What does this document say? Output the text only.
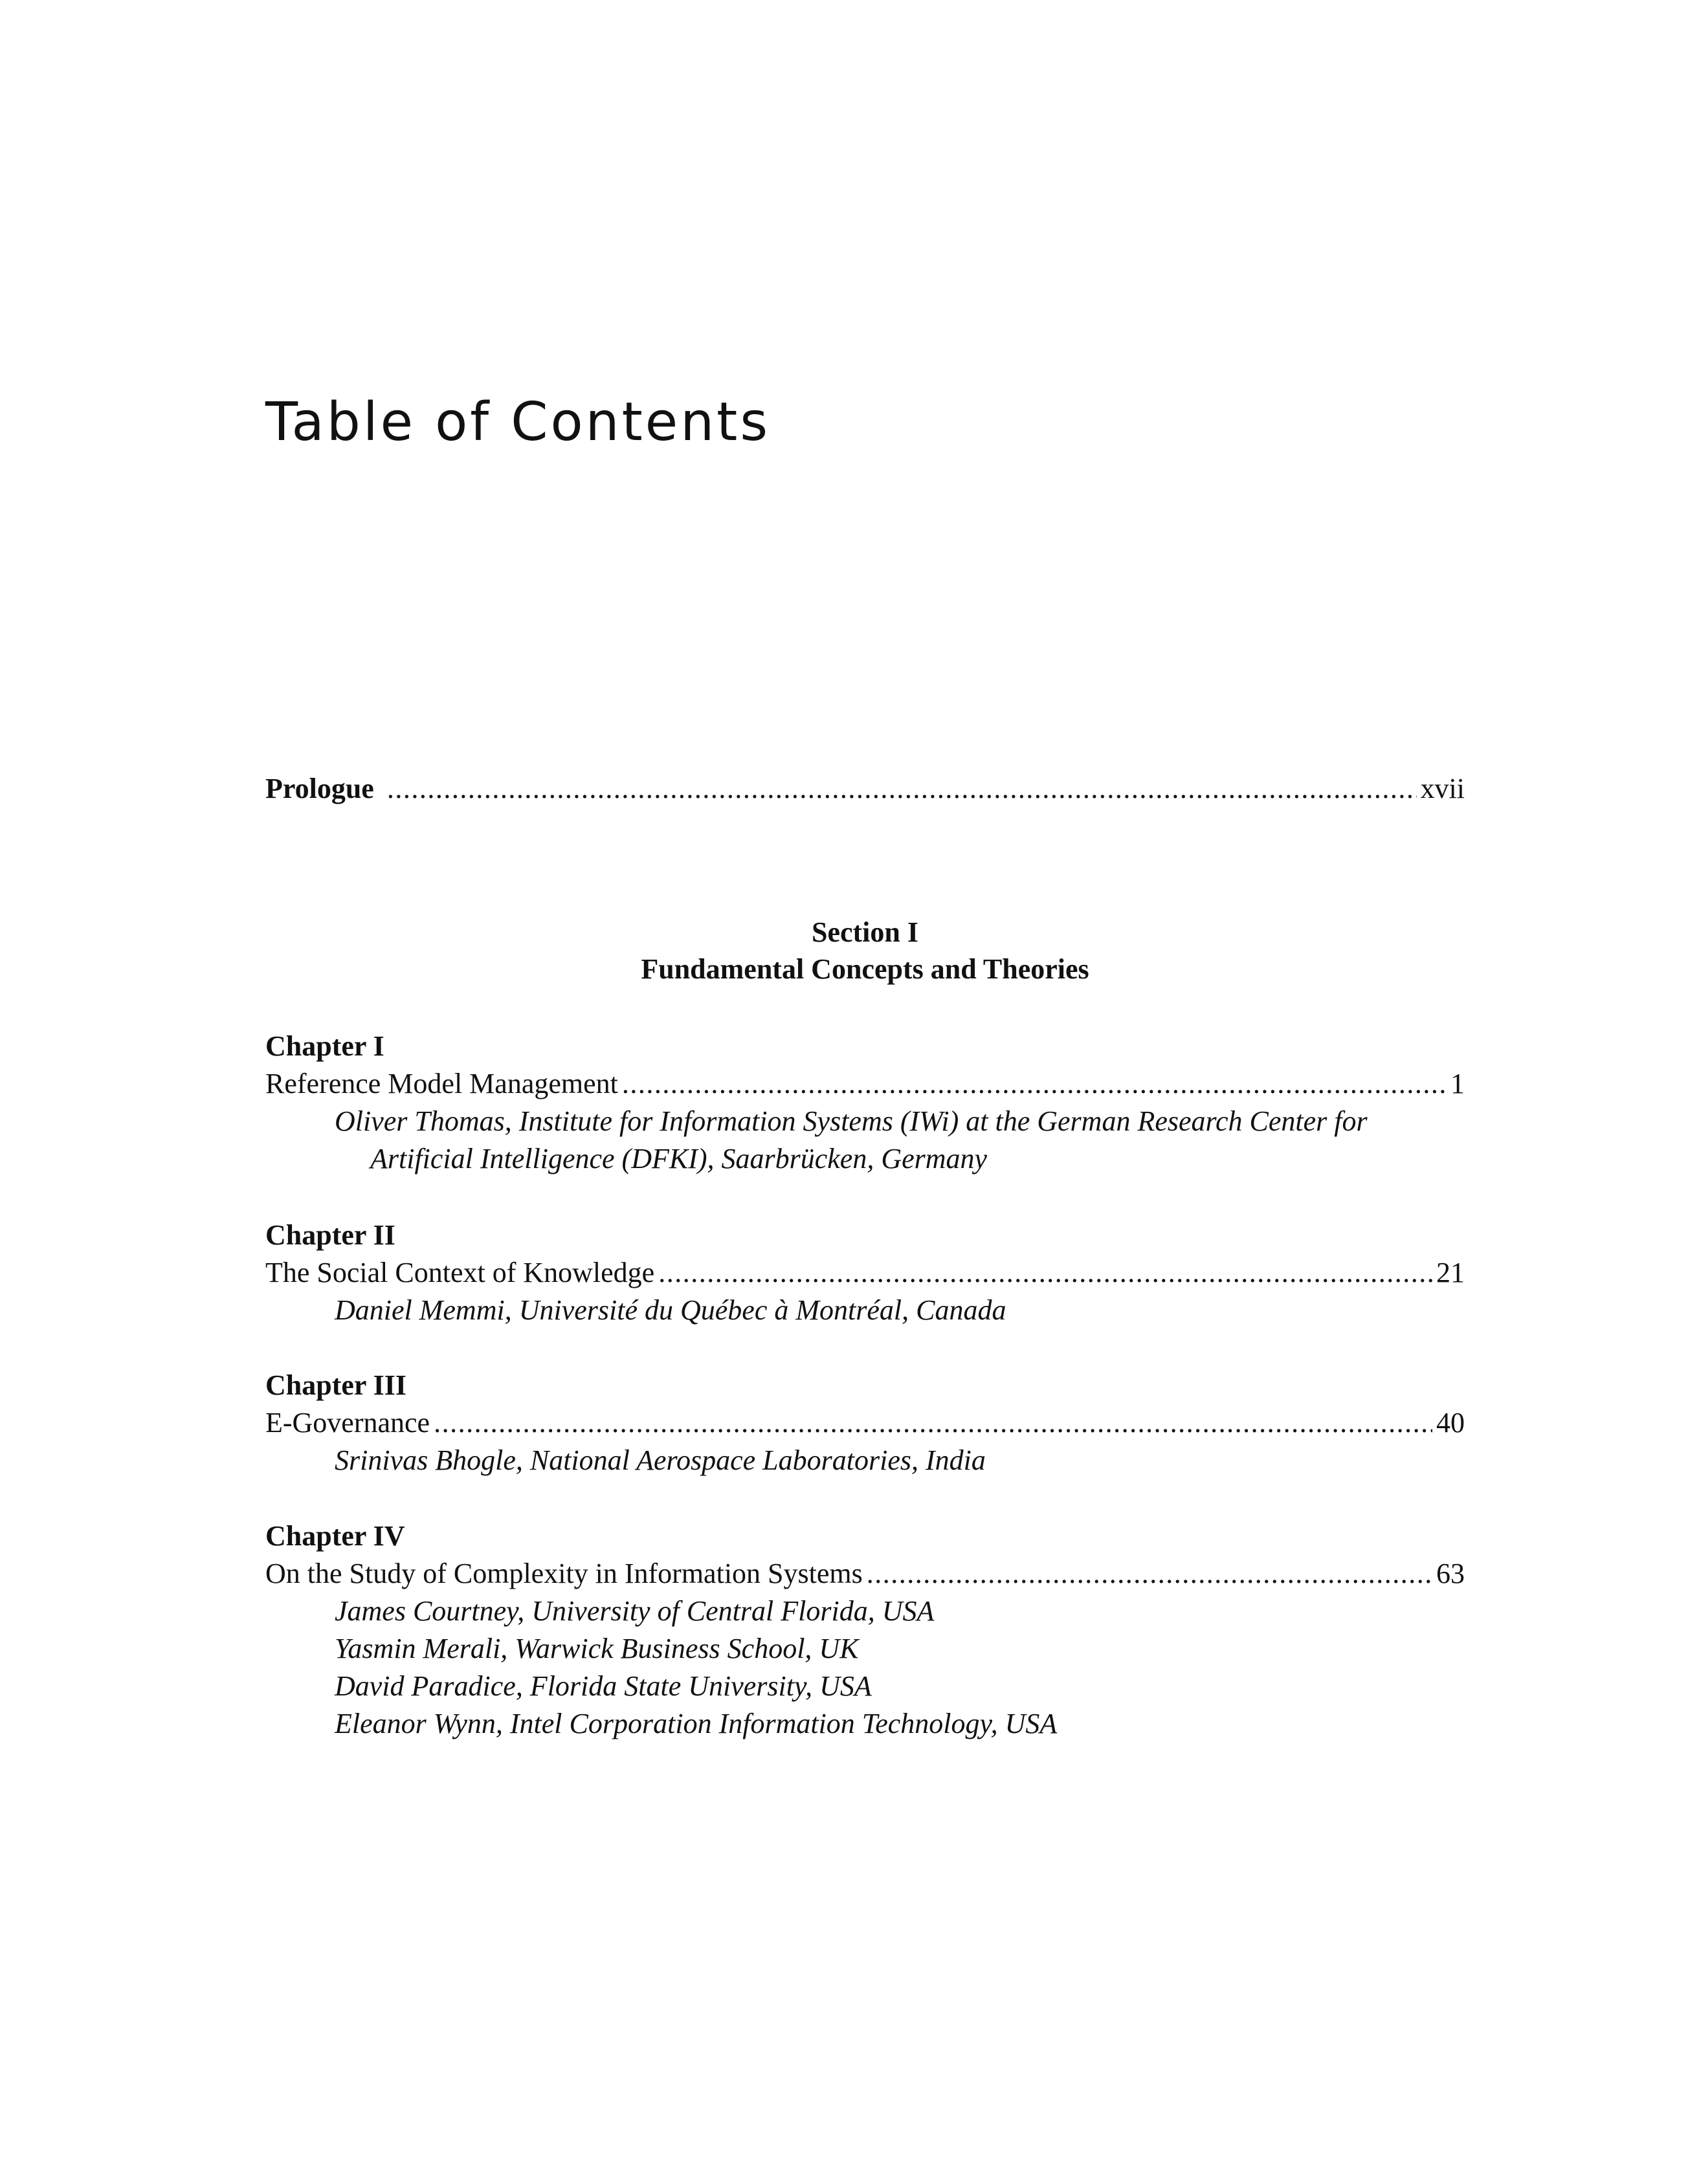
Table of Contents
Prologue .....	xvii
Section I
Fundamental Concepts and Theories
Chapter I
Reference Model Management .....	1
Oliver Thomas, Institute for Information Systems (IWi) at the German Research Center for
Artificial Intelligence (DFKI), Saarbrücken, Germany
Chapter II
The Social Context of Knowledge .....	21
Daniel Memmi, Université du Québec à Montréal, Canada
Chapter III
E-Governance .....	40
Srinivas Bhogle, National Aerospace Laboratories, India
Chapter IV
On the Study of Complexity in Information Systems .....	63
James Courtney, University of Central Florida, USA
Yasmin Merali, Warwick Business School, UK
David Paradice, Florida State University, USA
Eleanor Wynn, Intel Corporation Information Technology, USA
